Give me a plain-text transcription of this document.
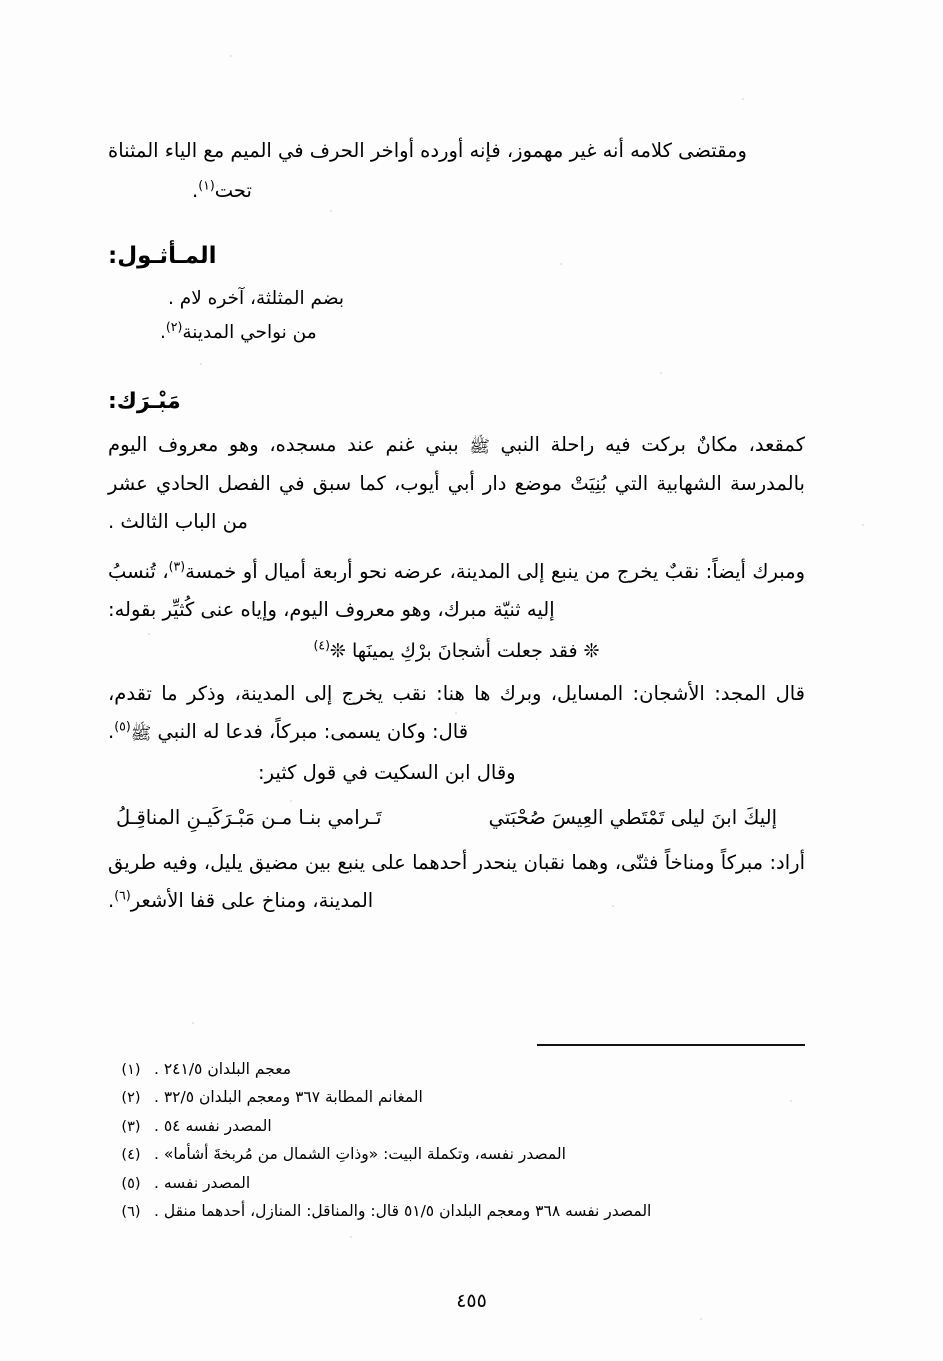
ومقتضى كلامه أنه غير مهموز، فإنه أورده أواخر الحرف في الميم مع الياء المثناة

تحت$^{(١)}$.

المـأثـول:

بضم المثلثة، آخره لام .

من نواحي المدينة$^{(٢)}$.

مَبْـرَك:

كمقعد، مكانٌ بركت فيه راحلة النبي ﷺ ببني غنم عند مسجده، وهو معروف اليوم بالمدرسة الشهابية التي بُنِيَتْ موضع دار أبي أيوب، كما سبق في الفصل الحادي عشر من الباب الثالث .

ومبرك أيضاً: نقبٌ يخرج من ينبع إلى المدينة، عرضه نحو أربعة أميال أو خمسة$^{(٣)}$، تُنسبُ إليه ثنيّة مبرك، وهو معروف اليوم، وإياه عنى كُثيِّر بقوله:

❊ فقد جعلت أشجانَ برْكِ يمينَها ❊$^{(٤)}$

قال المجد: الأشجان: المسايل، وبرك ها هنا: نقب يخرج إلى المدينة، وذكر ما تقدم، قال: وكان يسمى: مبركاً، فدعا له النبي ﷺ$^{(٥)}$.

وقال ابن السكيت في قول كثير:

إليكَ ابنَ ليلى تَمْتَطي العِيسَ صُحْبَتي
تَـرامي بنـا مـن مَبْـرَكَيـنِ المناقِـلُ

أراد: مبركاً ومناخاً فثنّى، وهما نقبان ينحدر أحدهما على ينبع بين مضيق يليل، وفيه طريق المدينة، ومناخ على قفا الأشعر$^{(٦)}$.

معجم البلدان ٢٤١/٥ .
(١)
المغانم المطابة ٣٦٧ ومعجم البلدان ٣٢/٥ .
(٢)
المصدر نفسه ٥٤ .
(٣)
المصدر نفسه، وتكملة البيت: «وذاتِ الشمال من مُربخةَ أشأما» .
(٤)
المصدر نفسه .
(٥)
المصدر نفسه ٣٦٨ ومعجم البلدان ٥١/٥ قال: والمناقل: المنازل، أحدهما منقل .
(٦)
٤٥٥
